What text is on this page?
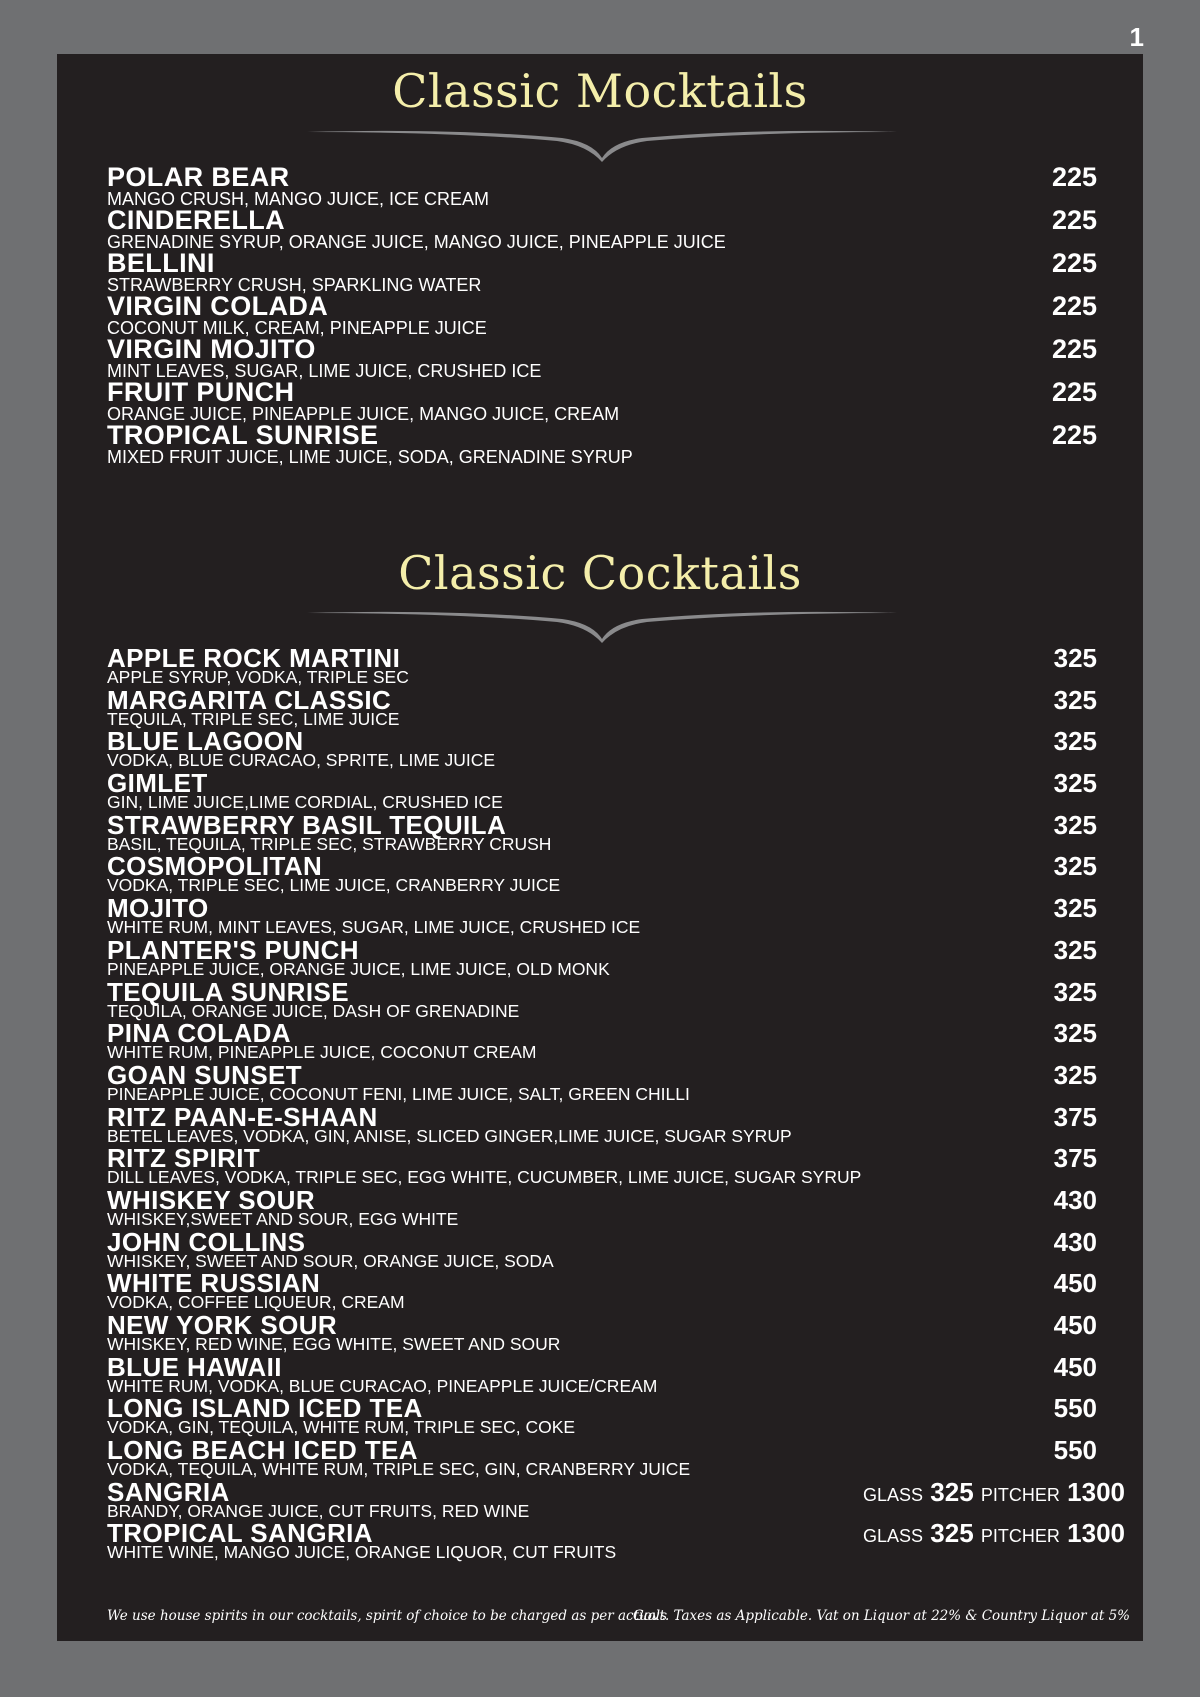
1
Classic Mocktails
POLAR BEAR
MANGO CRUSH, MANGO JUICE, ICE CREAM
225
CINDERELLA
GRENADINE SYRUP, ORANGE JUICE, MANGO JUICE, PINEAPPLE JUICE
225
BELLINI
STRAWBERRY CRUSH, SPARKLING WATER
225
VIRGIN COLADA
COCONUT MILK, CREAM, PINEAPPLE JUICE
225
VIRGIN MOJITO
MINT LEAVES, SUGAR, LIME JUICE, CRUSHED ICE
225
FRUIT PUNCH
ORANGE JUICE, PINEAPPLE JUICE, MANGO JUICE, CREAM
225
TROPICAL SUNRISE
MIXED FRUIT JUICE, LIME JUICE, SODA, GRENADINE SYRUP
225
Classic Cocktails
APPLE ROCK MARTINI
APPLE SYRUP, VODKA, TRIPLE SEC
325
MARGARITA CLASSIC
TEQUILA, TRIPLE SEC, LIME JUICE
325
BLUE LAGOON
VODKA, BLUE CURACAO, SPRITE, LIME JUICE
325
GIMLET
GIN, LIME JUICE,LIME CORDIAL, CRUSHED ICE
325
STRAWBERRY BASIL TEQUILA
BASIL, TEQUILA, TRIPLE SEC, STRAWBERRY CRUSH
325
COSMOPOLITAN
VODKA, TRIPLE SEC, LIME JUICE, CRANBERRY JUICE
325
MOJITO
WHITE RUM, MINT LEAVES, SUGAR, LIME JUICE, CRUSHED ICE
325
PLANTER'S PUNCH
PINEAPPLE JUICE, ORANGE JUICE, LIME JUICE, OLD MONK
325
TEQUILA SUNRISE
TEQUILA, ORANGE JUICE, DASH OF GRENADINE
325
PINA COLADA
WHITE RUM, PINEAPPLE JUICE, COCONUT CREAM
325
GOAN SUNSET
PINEAPPLE JUICE, COCONUT FENI, LIME JUICE, SALT, GREEN CHILLI
325
RITZ PAAN-E-SHAAN
BETEL LEAVES, VODKA, GIN, ANISE, SLICED GINGER,LIME JUICE, SUGAR SYRUP
375
RITZ SPIRIT
DILL LEAVES, VODKA, TRIPLE SEC, EGG WHITE, CUCUMBER, LIME JUICE, SUGAR SYRUP
375
WHISKEY SOUR
WHISKEY,SWEET AND SOUR, EGG WHITE
430
JOHN COLLINS
WHISKEY, SWEET AND SOUR, ORANGE JUICE, SODA
430
WHITE RUSSIAN
VODKA, COFFEE LIQUEUR, CREAM
450
NEW YORK SOUR
WHISKEY, RED WINE, EGG WHITE, SWEET AND SOUR
450
BLUE HAWAII
WHITE RUM, VODKA, BLUE CURACAO, PINEAPPLE JUICE/CREAM
450
LONG ISLAND ICED TEA
VODKA, GIN, TEQUILA, WHITE RUM, TRIPLE SEC, COKE
550
LONG BEACH ICED TEA
VODKA, TEQUILA, WHITE RUM, TRIPLE SEC, GIN, CRANBERRY JUICE
550
SANGRIA
BRANDY, ORANGE JUICE, CUT FRUITS, RED WINE
GLASS 325 PITCHER 1300
TROPICAL SANGRIA
WHITE WINE, MANGO JUICE, ORANGE LIQUOR, CUT FRUITS
GLASS 325 PITCHER 1300
We use house spirits in our cocktails, spirit of choice to be charged as per actuals
Govt. Taxes as Applicable. Vat on Liquor at 22% & Country Liquor at 5%
